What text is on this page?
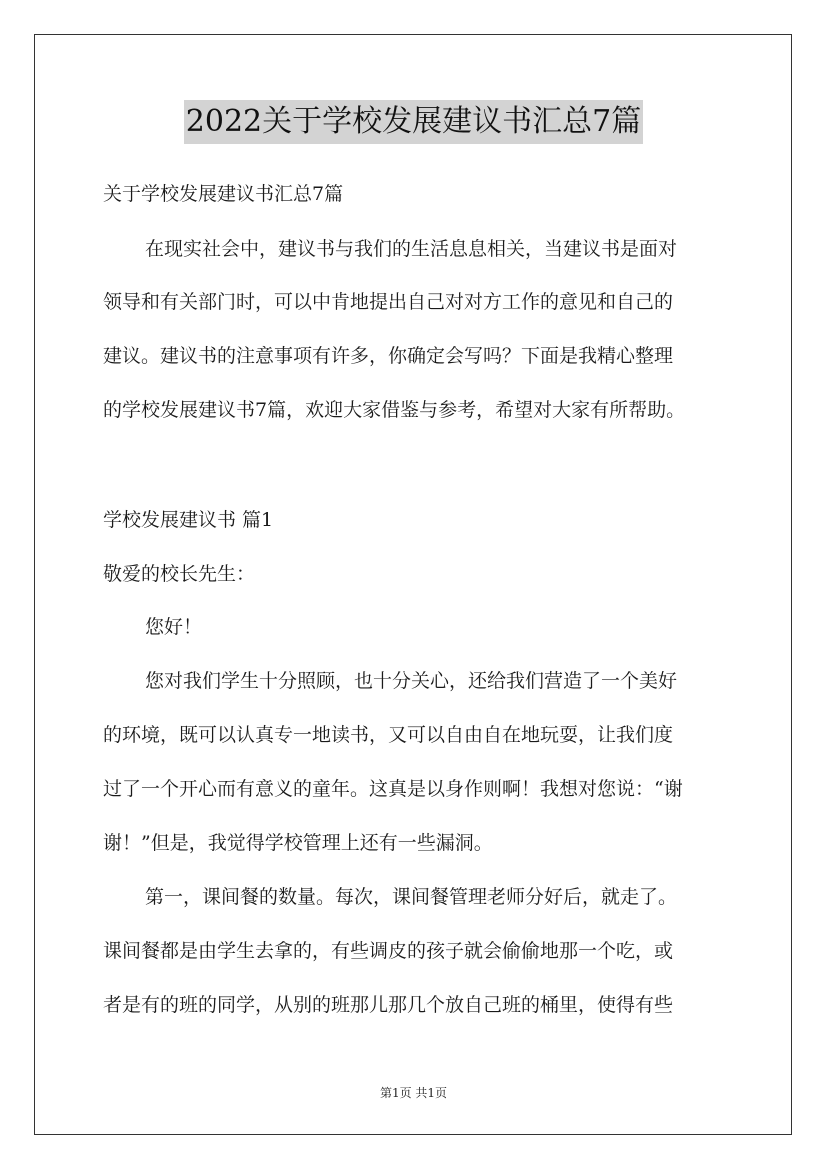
2022关于学校发展建议书汇总7篇
关于学校发展建议书汇总7篇
在现实社会中，建议书与我们的生活息息相关，当建议书是面对
领导和有关部门时，可以中肯地提出自己对对方工作的意见和自己的
建议。建议书的注意事项有许多，你确定会写吗？下面是我精心整理
的学校发展建议书7篇，欢迎大家借鉴与参考，希望对大家有所帮助。
学校发展建议书 篇1
敬爱的校长先生：
您好！
您对我们学生十分照顾，也十分关心，还给我们营造了一个美好
的环境，既可以认真专一地读书，又可以自由自在地玩耍，让我们度
过了一个开心而有意义的童年。这真是以身作则啊！我想对您说：“谢
谢！”但是，我觉得学校管理上还有一些漏洞。
第一，课间餐的数量。每次，课间餐管理老师分好后，就走了。
课间餐都是由学生去拿的，有些调皮的孩子就会偷偷地那一个吃，或
者是有的班的同学，从别的班那儿那几个放自己班的桶里，使得有些
第1页 共1页
